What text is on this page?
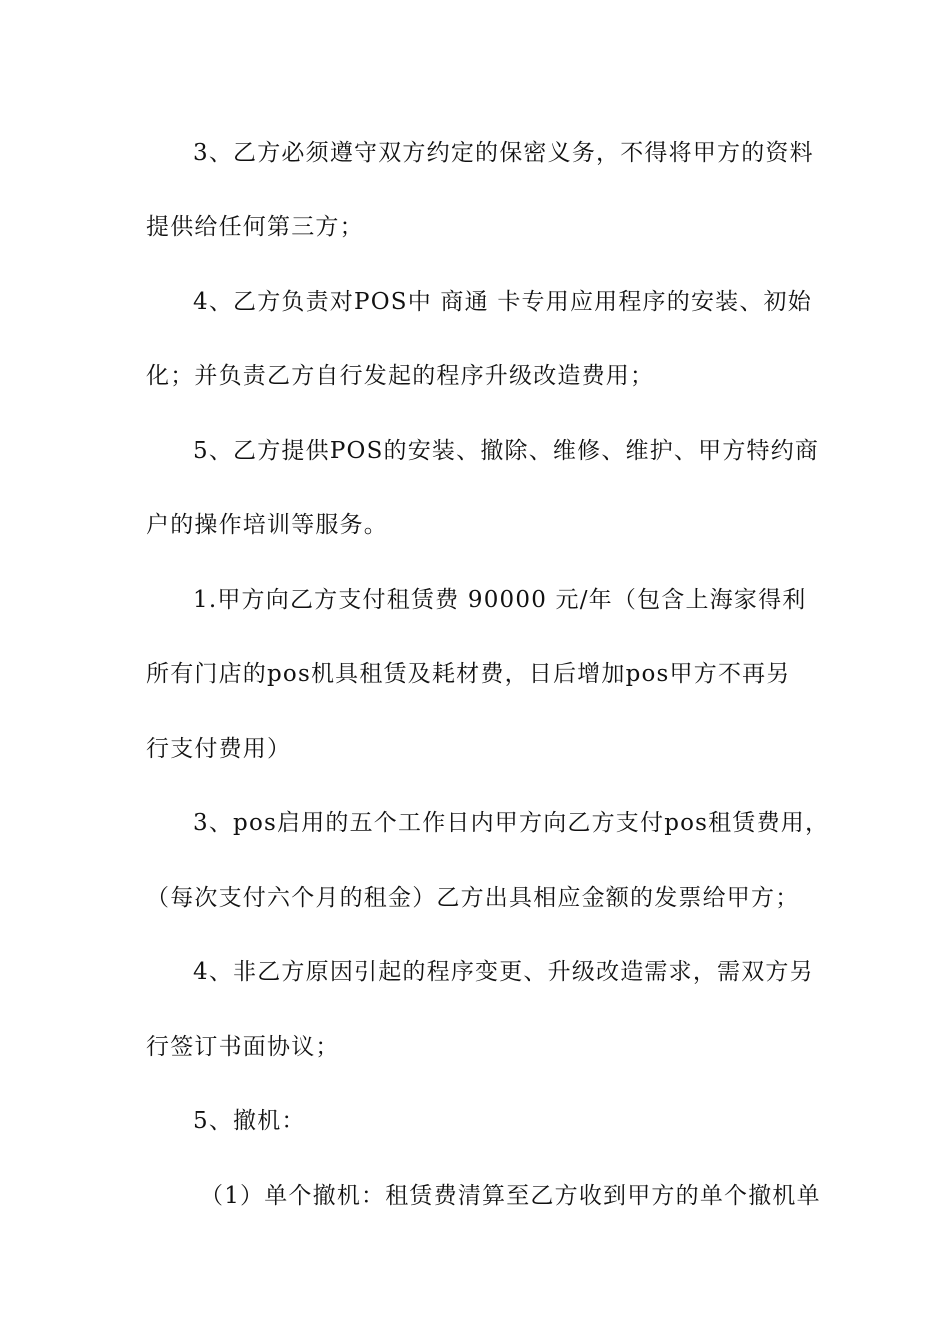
3、乙方必须遵守双方约定的保密义务，不得将甲方的资料
提供给任何第三方；
4、乙方负责对POS中 商通 卡专用应用程序的安装、初始
化；并负责乙方自行发起的程序升级改造费用；
5、乙方提供POS的安装、撤除、维修、维护、甲方特约商
户的操作培训等服务。
1.甲方向乙方支付租赁费 90000 元/年（包含上海家得利
所有门店的pos机具租赁及耗材费，日后增加pos甲方不再另
行支付费用）
3、pos启用的五个工作日内甲方向乙方支付pos租赁费用，
（每次支付六个月的租金）乙方出具相应金额的发票给甲方；
4、非乙方原因引起的程序变更、升级改造需求，需双方另
行签订书面协议；
5、撤机：
（1）单个撤机：租赁费清算至乙方收到甲方的单个撤机单
